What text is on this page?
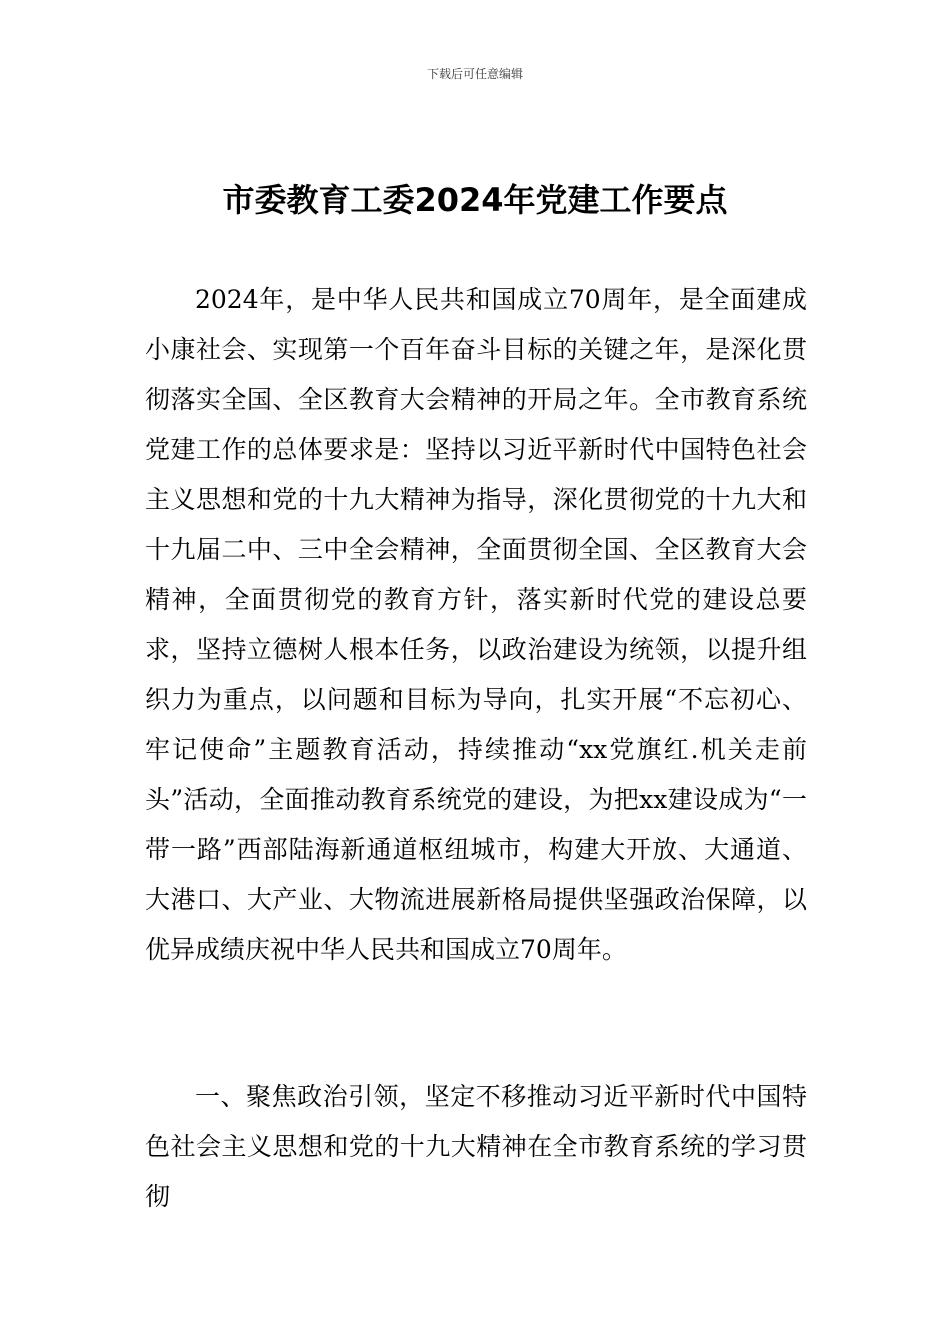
下载后可任意编辑
市委教育工委2024年党建工作要点

2024年，是中华人民共和国成立70周年，是全面建成小康社会、实现第一个百年奋斗目标的关键之年，是深化贯彻落实全国、全区教育大会精神的开局之年。全市教育系统党建工作的总体要求是：坚持以习近平新时代中国特色社会主义思想和党的十九大精神为指导，深化贯彻党的十九大和十九届二中、三中全会精神，全面贯彻全国、全区教育大会精神，全面贯彻党的教育方针，落实新时代党的建设总要求，坚持立德树人根本任务，以政治建设为统领，以提升组织力为重点，以问题和目标为导向，扎实开展“不忘初心、牢记使命”主题教育活动，持续推动“xx党旗红.机关走前头”活动，全面推动教育系统党的建设，为把xx建设成为“一带一路”西部陆海新通道枢纽城市，构建大开放、大通道、大港口、大产业、大物流进展新格局提供坚强政治保障，以优异成绩庆祝中华人民共和国成立70周年。

一、聚焦政治引领，坚定不移推动习近平新时代中国特色社会主义思想和党的十九大精神在全市教育系统的学习贯彻
